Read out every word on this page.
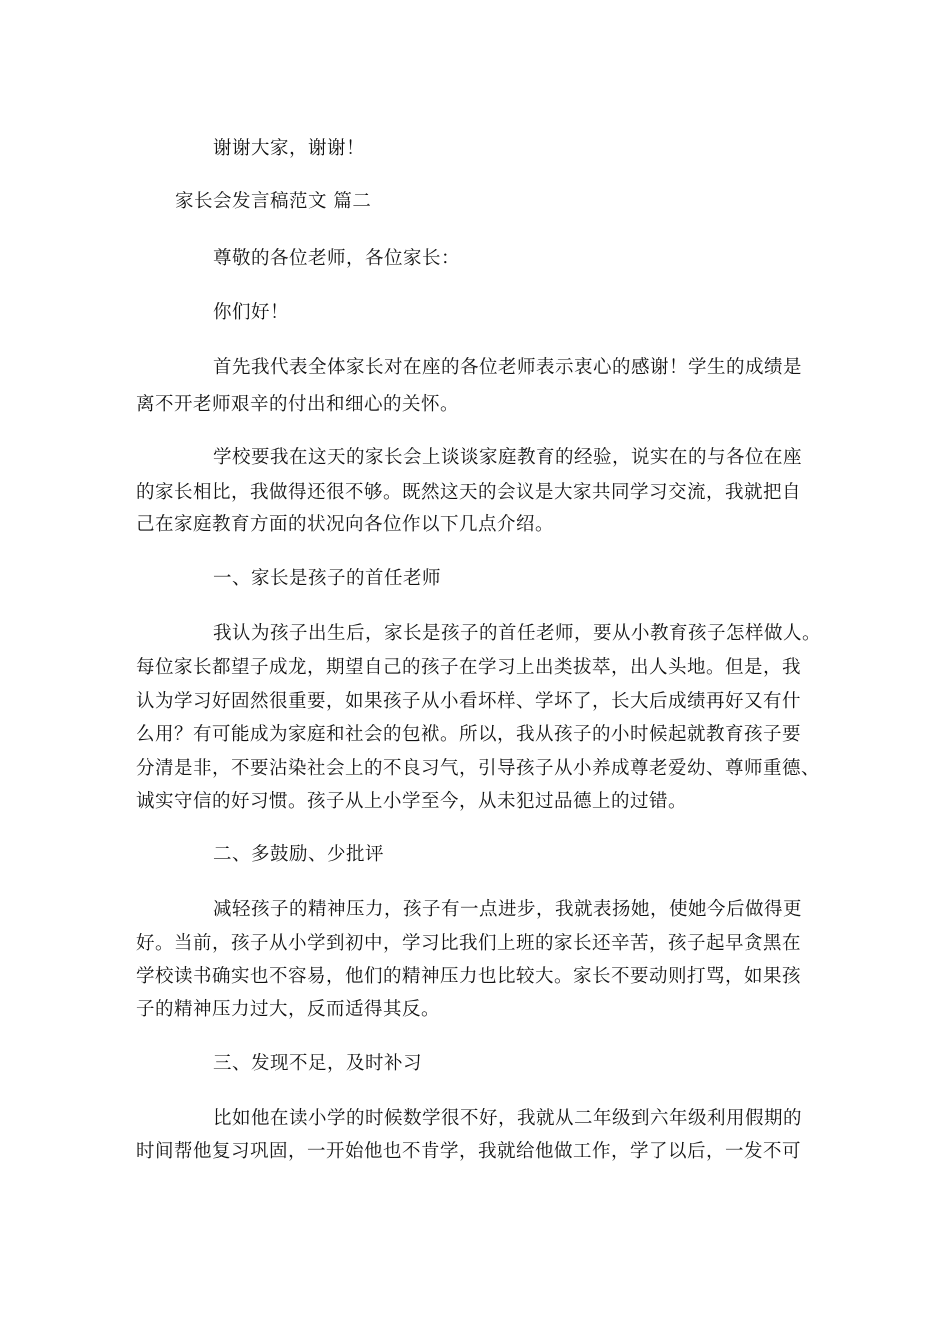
谢谢大家，谢谢！
家长会发言稿范文 篇二
尊敬的各位老师，各位家长：
你们好！
首先我代表全体家长对在座的各位老师表示衷心的感谢！学生的成绩是
离不开老师艰辛的付出和细心的关怀。
学校要我在这天的家长会上谈谈家庭教育的经验，说实在的与各位在座
的家长相比，我做得还很不够。既然这天的会议是大家共同学习交流，我就把自
己在家庭教育方面的状况向各位作以下几点介绍。
一、家长是孩子的首任老师
我认为孩子出生后，家长是孩子的首任老师，要从小教育孩子怎样做人。
每位家长都望子成龙，期望自己的孩子在学习上出类拔萃，出人头地。但是，我
认为学习好固然很重要，如果孩子从小看坏样、学坏了，长大后成绩再好又有什
么用？有可能成为家庭和社会的包袱。所以，我从孩子的小时候起就教育孩子要
分清是非，不要沾染社会上的不良习气，引导孩子从小养成尊老爱幼、尊师重德、
诚实守信的好习惯。孩子从上小学至今，从未犯过品德上的过错。
二、多鼓励、少批评
减轻孩子的精神压力，孩子有一点进步，我就表扬她，使她今后做得更
好。当前，孩子从小学到初中，学习比我们上班的家长还辛苦，孩子起早贪黑在
学校读书确实也不容易，他们的精神压力也比较大。家长不要动则打骂，如果孩
子的精神压力过大，反而适得其反。
三、发现不足，及时补习
比如他在读小学的时候数学很不好，我就从二年级到六年级利用假期的
时间帮他复习巩固，一开始他也不肯学，我就给他做工作，学了以后，一发不可
